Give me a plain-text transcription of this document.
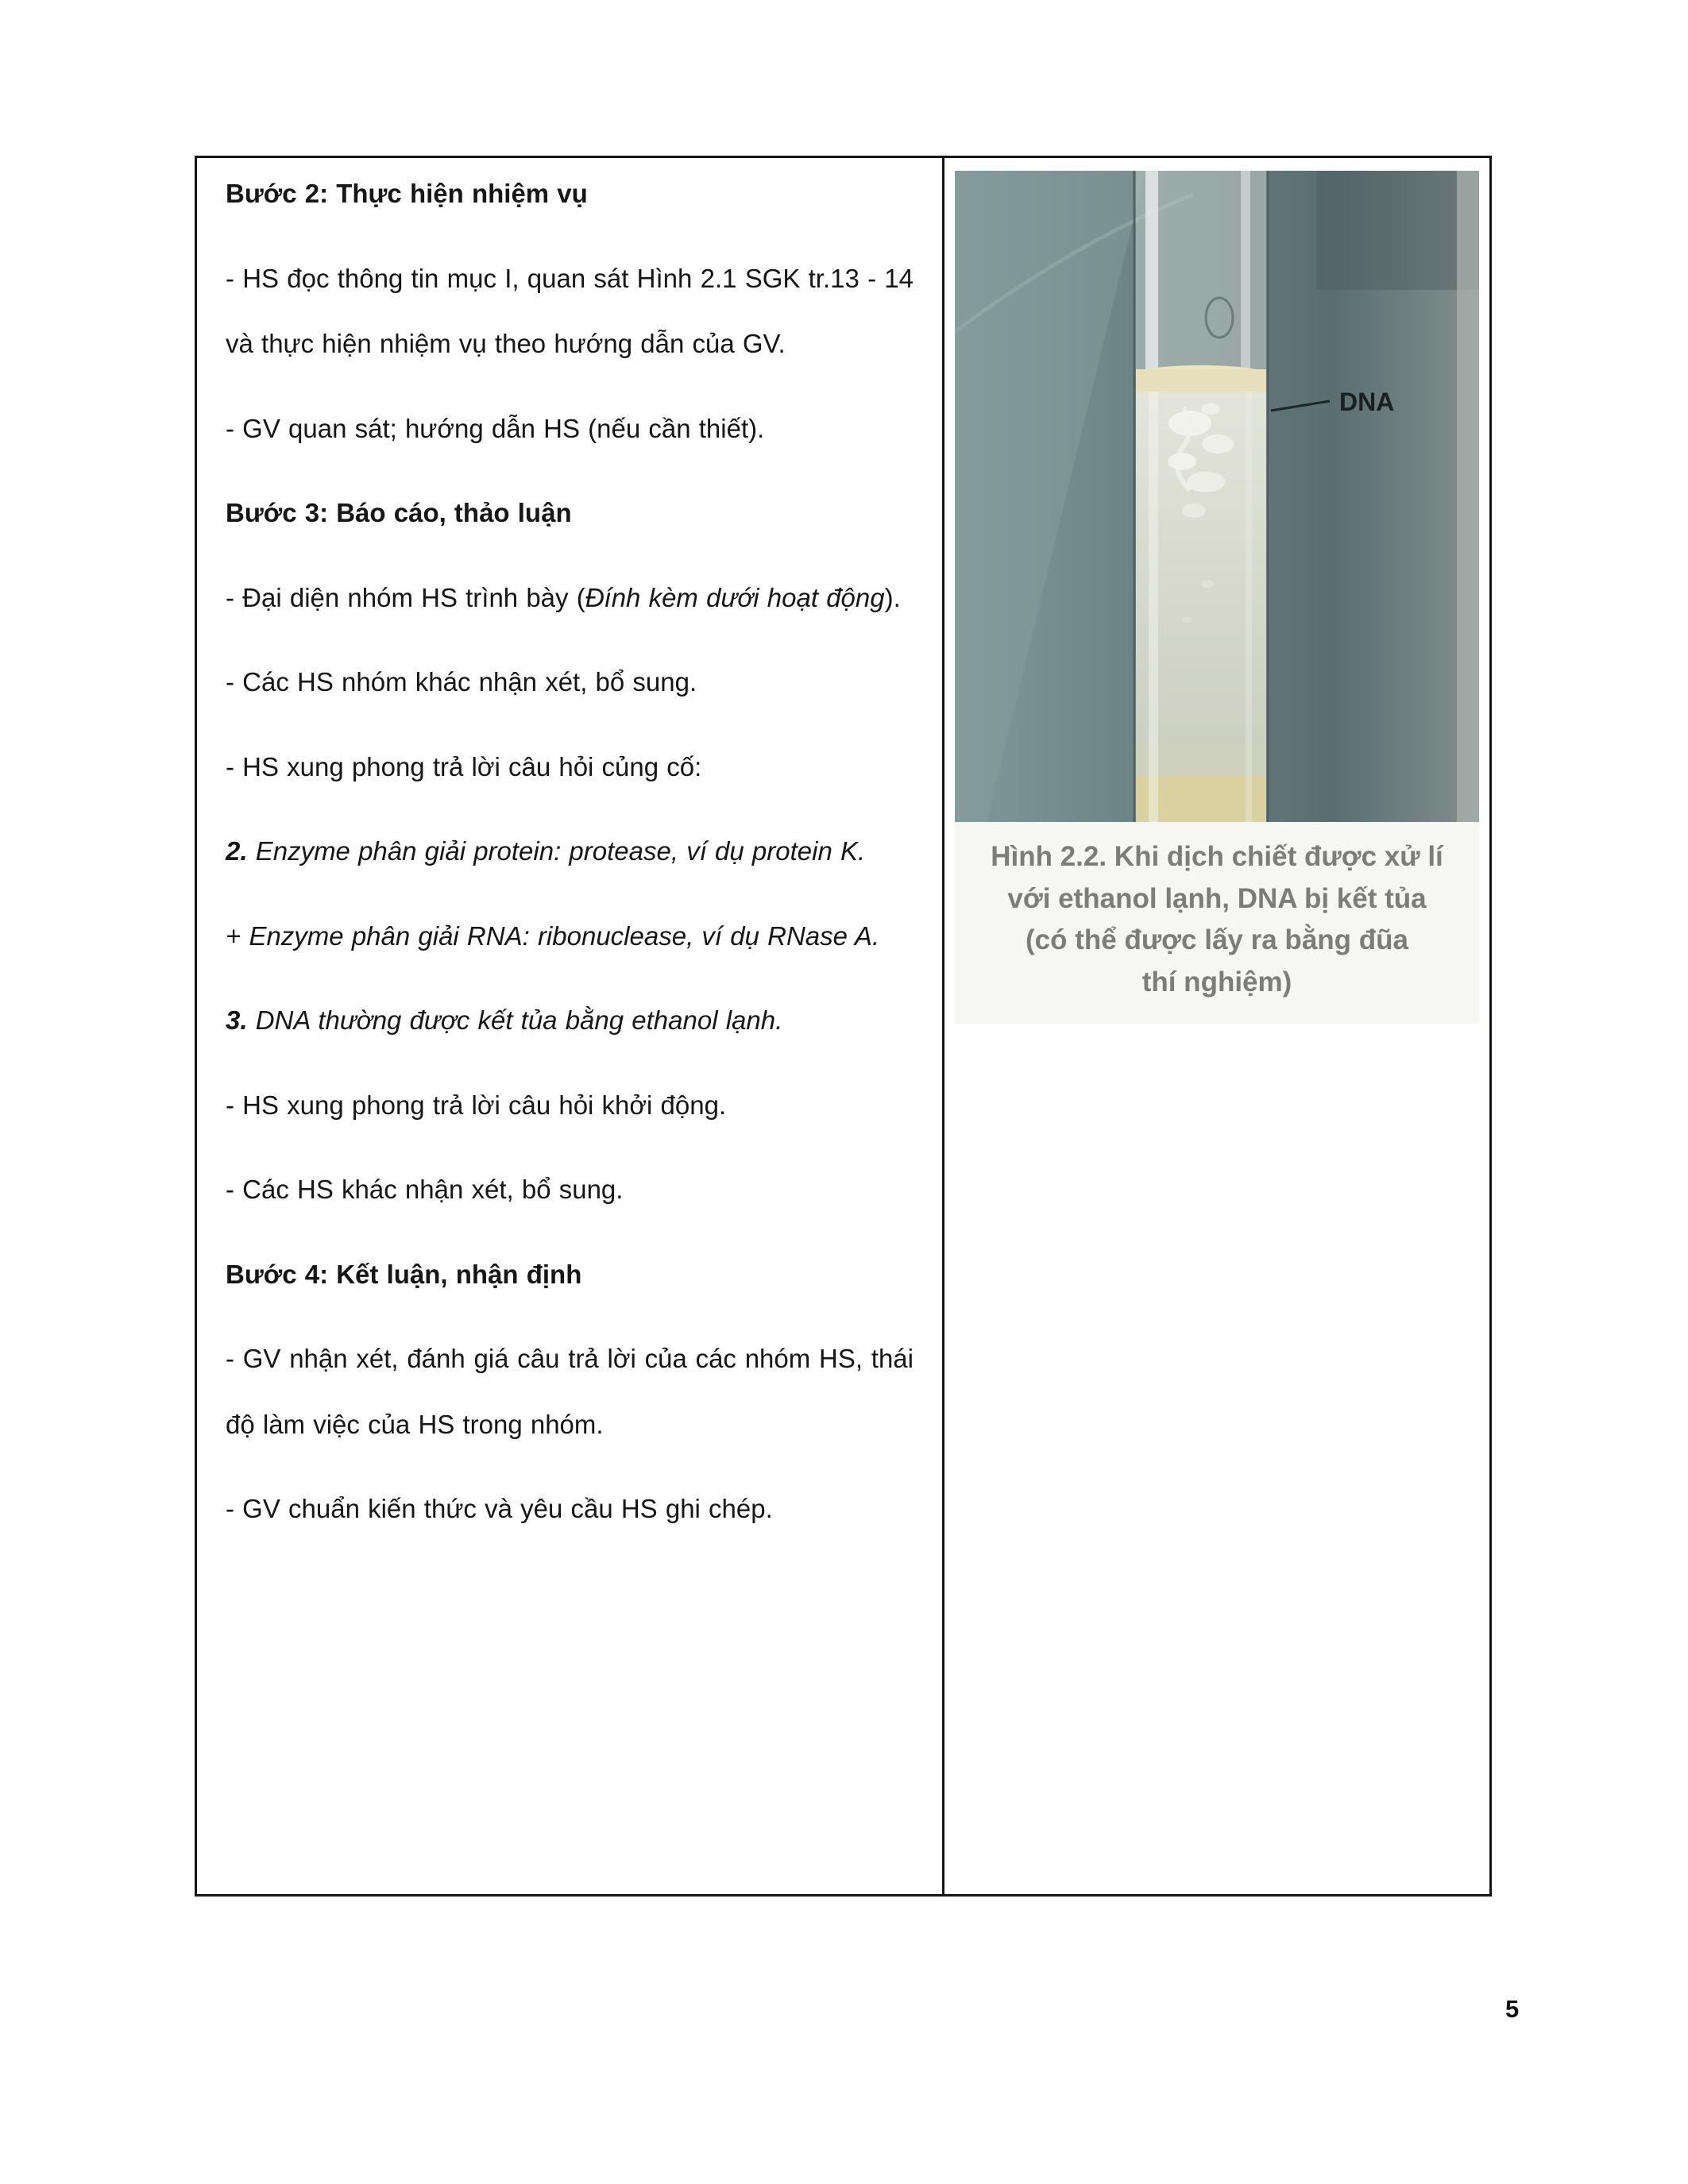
Bước 2: Thực hiện nhiệm vụ

- HS đọc thông tin mục I, quan sát Hình 2.1 SGK tr.13 - 14 và thực hiện nhiệm vụ theo hướng dẫn của GV.

- GV quan sát; hướng dẫn HS (nếu cần thiết).

Bước 3: Báo cáo, thảo luận

- Đại diện nhóm HS trình bày (Đính kèm dưới hoạt động).

- Các HS nhóm khác nhận xét, bổ sung.

- HS xung phong trả lời câu hỏi củng cố:

2. Enzyme phân giải protein: protease, ví dụ protein K.

+ Enzyme phân giải RNA: ribonuclease, ví dụ RNase A.

3. DNA thường được kết tủa bằng ethanol lạnh.

- HS xung phong trả lời câu hỏi khởi động.

- Các HS khác nhận xét, bổ sung.

Bước 4: Kết luận, nhận định

- GV nhận xét, đánh giá câu trả lời của các nhóm HS, thái độ làm việc của HS trong nhóm.

- GV chuẩn kiến thức và yêu cầu HS ghi chép.

DNA
Hình 2.2. Khi dịch chiết được xử lí
với ethanol lạnh, DNA bị kết tủa
(có thể được lấy ra bằng đũa
thí nghiệm)
5
